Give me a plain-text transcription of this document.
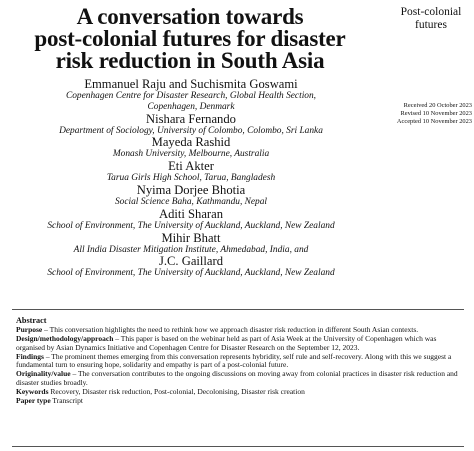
A conversation towards
post-colonial futures for disaster
risk reduction in South Asia
Post-colonial
futures
Received 20 October 2023
Revised 10 November 2023
Accepted 10 November 2023
Emmanuel Raju and Suchismita Goswami
Copenhagen Centre for Disaster Research, Global Health Section,
Copenhagen, Denmark
Nishara Fernando
Department of Sociology, University of Colombo, Colombo, Sri Lanka
Mayeda Rashid
Monash University, Melbourne, Australia
Eti Akter
Tarua Girls High School, Tarua, Bangladesh
Nyima Dorjee Bhotia
Social Science Baha, Kathmandu, Nepal
Aditi Sharan
School of Environment, The University of Auckland, Auckland, New Zealand
Mihir Bhatt
All India Disaster Mitigation Institute, Ahmedabad, India, and
J.C. Gaillard
School of Environment, The University of Auckland, Auckland, New Zealand
Abstract

Purpose – This conversation highlights the need to rethink how we approach disaster risk reduction in different South Asian contexts.

Design/methodology/approach – This paper is based on the webinar held as part of Asia Week at the University of Copenhagen which was organised by Asian Dynamics Initiative and Copenhagen Centre for Disaster Research on the September 12, 2023.

Findings – The prominent themes emerging from this conversation represents hybridity, self rule and self-recovery. Along with this we suggest a fundamental turn to ensuring hope, solidarity and empathy is part of a post-colonial future.

Originality/value – The conversation contributes to the ongoing discussions on moving away from colonial practices in disaster risk reduction and disaster studies broadly.

Keywords Recovery, Disaster risk reduction, Post-colonial, Decolonising, Disaster risk creation

Paper type Transcript
